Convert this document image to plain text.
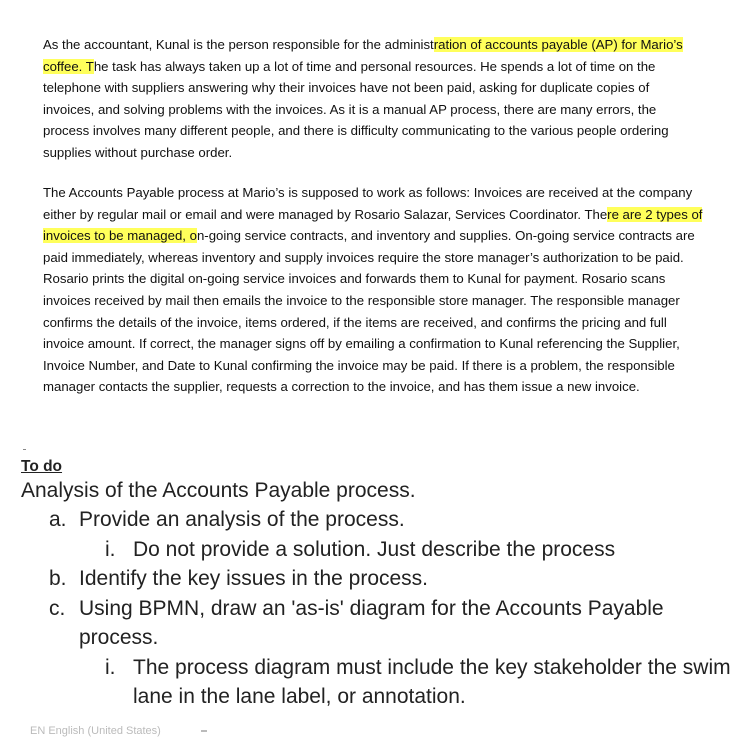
As the accountant, Kunal is the person responsible for the administration of accounts payable (AP) for Mario’s coffee. The task has always taken up a lot of time and personal resources. He spends a lot of time on the telephone with suppliers answering why their invoices have not been paid, asking for duplicate copies of invoices, and solving problems with the invoices. As it is a manual AP process, there are many errors, the process involves many different people, and there is difficulty communicating to the various people ordering supplies without purchase order.

The Accounts Payable process at Mario’s is supposed to work as follows: Invoices are received at the company either by regular mail or email and were managed by Rosario Salazar, Services Coordinator. There are 2 types of invoices to be managed, on-going service contracts, and inventory and supplies. On-going service contracts are paid immediately, whereas inventory and supply invoices require the store manager’s authorization to be paid. Rosario prints the digital on-going service invoices and forwards them to Kunal for payment. Rosario scans invoices received by mail then emails the invoice to the responsible store manager. The responsible manager confirms the details of the invoice, items ordered, if the items are received, and confirms the pricing and full invoice amount. If correct, the manager signs off by emailing a confirmation to Kunal referencing the Supplier, Invoice Number, and Date to Kunal confirming the invoice may be paid. If there is a problem, the responsible manager contacts the supplier, requests a correction to the invoice, and has them issue a new invoice.

To do

Analysis of the Accounts Payable process.

a. Provide an analysis of the process.
i. Do not provide a solution. Just describe the process
b. Identify the key issues in the process.
c. Using BPMN, draw an 'as-is' diagram for the Accounts Payable process.
i. The process diagram must include the key stakeholder the swim lane in the lane label, or annotation.
EN English (United States)
